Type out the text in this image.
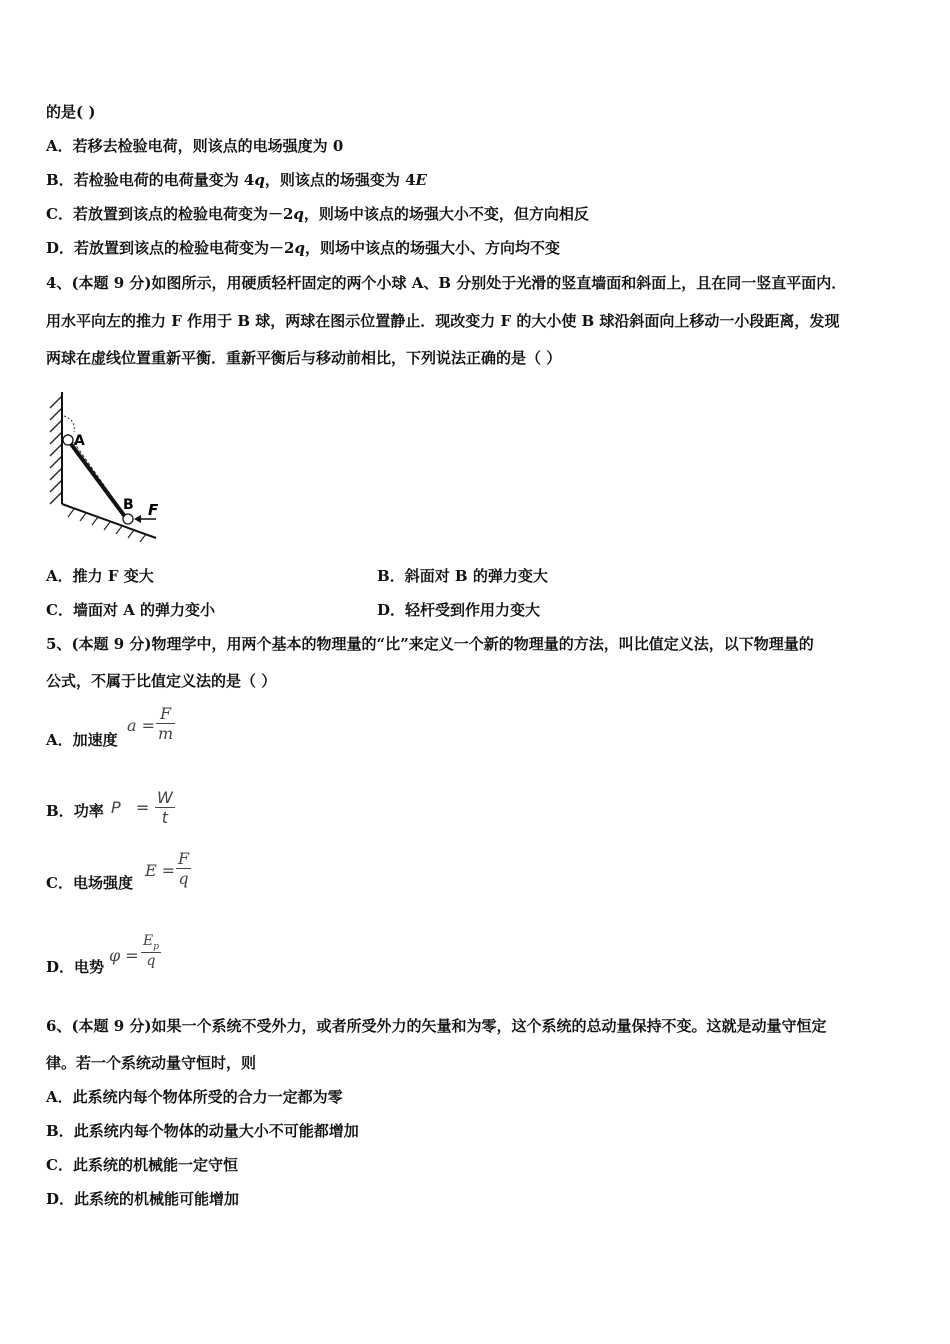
的是( )
A．若移去检验电荷，则该点的电场强度为 0
B．若检验电荷的电荷量变为 4q，则该点的场强变为 4E
C．若放置到该点的检验电荷变为－2q，则场中该点的场强大小不变，但方向相反
D．若放置到该点的检验电荷变为－2q，则场中该点的场强大小、方向均不变
4、(本题 9 分)如图所示，用硬质轻杆固定的两个小球 A、B 分别处于光滑的竖直墙面和斜面上，且在同一竖直平面内．
用水平向左的推力 F 作用于 B 球，两球在图示位置静止．现改变力 F 的大小使 B 球沿斜面向上移动一小段距离，发现
两球在虚线位置重新平衡．重新平衡后与移动前相比，下列说法正确的是（ ）
A
B F
A．推力 F 变大	B．斜面对 B 的弹力变大
C．墙面对 A 的弹力变小	D．轻杆受到作用力变大
5、(本题 9 分)物理学中，用两个基本的物理量的“比”来定义一个新的物理量的方法，叫比值定义法，以下物理量的
公式，不属于比值定义法的是（ ）
A．加速度
a =
F
m
B．功率 P =
W
t
C．电场强度
E =
F
q
D．电势
φ =
$E_p$
q
6、(本题 9 分)如果一个系统不受外力，或者所受外力的矢量和为零，这个系统的总动量保持不变。这就是动量守恒定
律。若一个系统动量守恒时，则
A．此系统内每个物体所受的合力一定都为零
B．此系统内每个物体的动量大小不可能都增加
C．此系统的机械能一定守恒
D．此系统的机械能可能增加
